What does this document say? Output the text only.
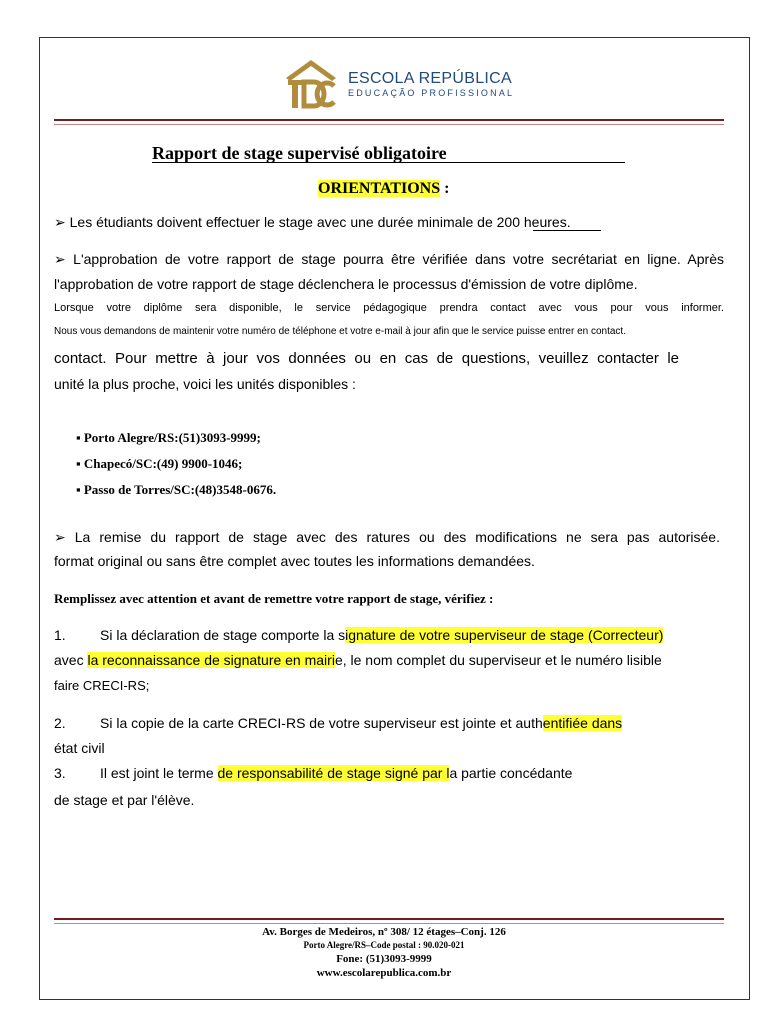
ESCOLA REPÚBLICA
EDUCAÇÃO PROFISSIONAL
Rapport de stage supervisé obligatoire
ORIENTATIONS :
➢ Les étudiants doivent effectuer le stage avec une durée minimale de 200 heures.
➢ L'approbation de votre rapport de stage pourra être vérifiée dans votre secrétariat en ligne. Après
l'approbation de votre rapport de stage déclenchera le processus d'émission de votre diplôme.
Lorsque votre diplôme sera disponible, le service pédagogique prendra contact avec vous pour vous informer.
Nous vous demandons de maintenir votre numéro de téléphone et votre e-mail à jour afin que le service puisse entrer en contact.
contact. Pour mettre à jour vos données ou en cas de questions, veuillez contacter le
unité la plus proche, voici les unités disponibles :
▪ Porto Alegre/RS:(51)3093-9999;
▪ Chapecó/SC:(49) 9900-1046;
▪ Passo de Torres/SC:(48)3548-0676.
➢ La remise du rapport de stage avec des ratures ou des modifications ne sera pas autorisée.
format original ou sans être complet avec toutes les informations demandées.
Remplissez avec attention et avant de remettre votre rapport de stage, vérifiez :
1. Si la déclaration de stage comporte la signature de votre superviseur de stage (Correcteur)
avec la reconnaissance de signature en mairie, le nom complet du superviseur et le numéro lisible
faire CRECI-RS;
2. Si la copie de la carte CRECI-RS de votre superviseur est jointe et authentifiée dans
état civil
3. Il est joint le terme de responsabilité de stage signé par la partie concédante
de stage et par l'élève.
Av. Borges de Medeiros, nº 308/ 12 étages–Conj. 126
Porto Alegre/RS–Code postal : 90.020-021
Fone: (51)3093-9999
www.escolarepublica.com.br
